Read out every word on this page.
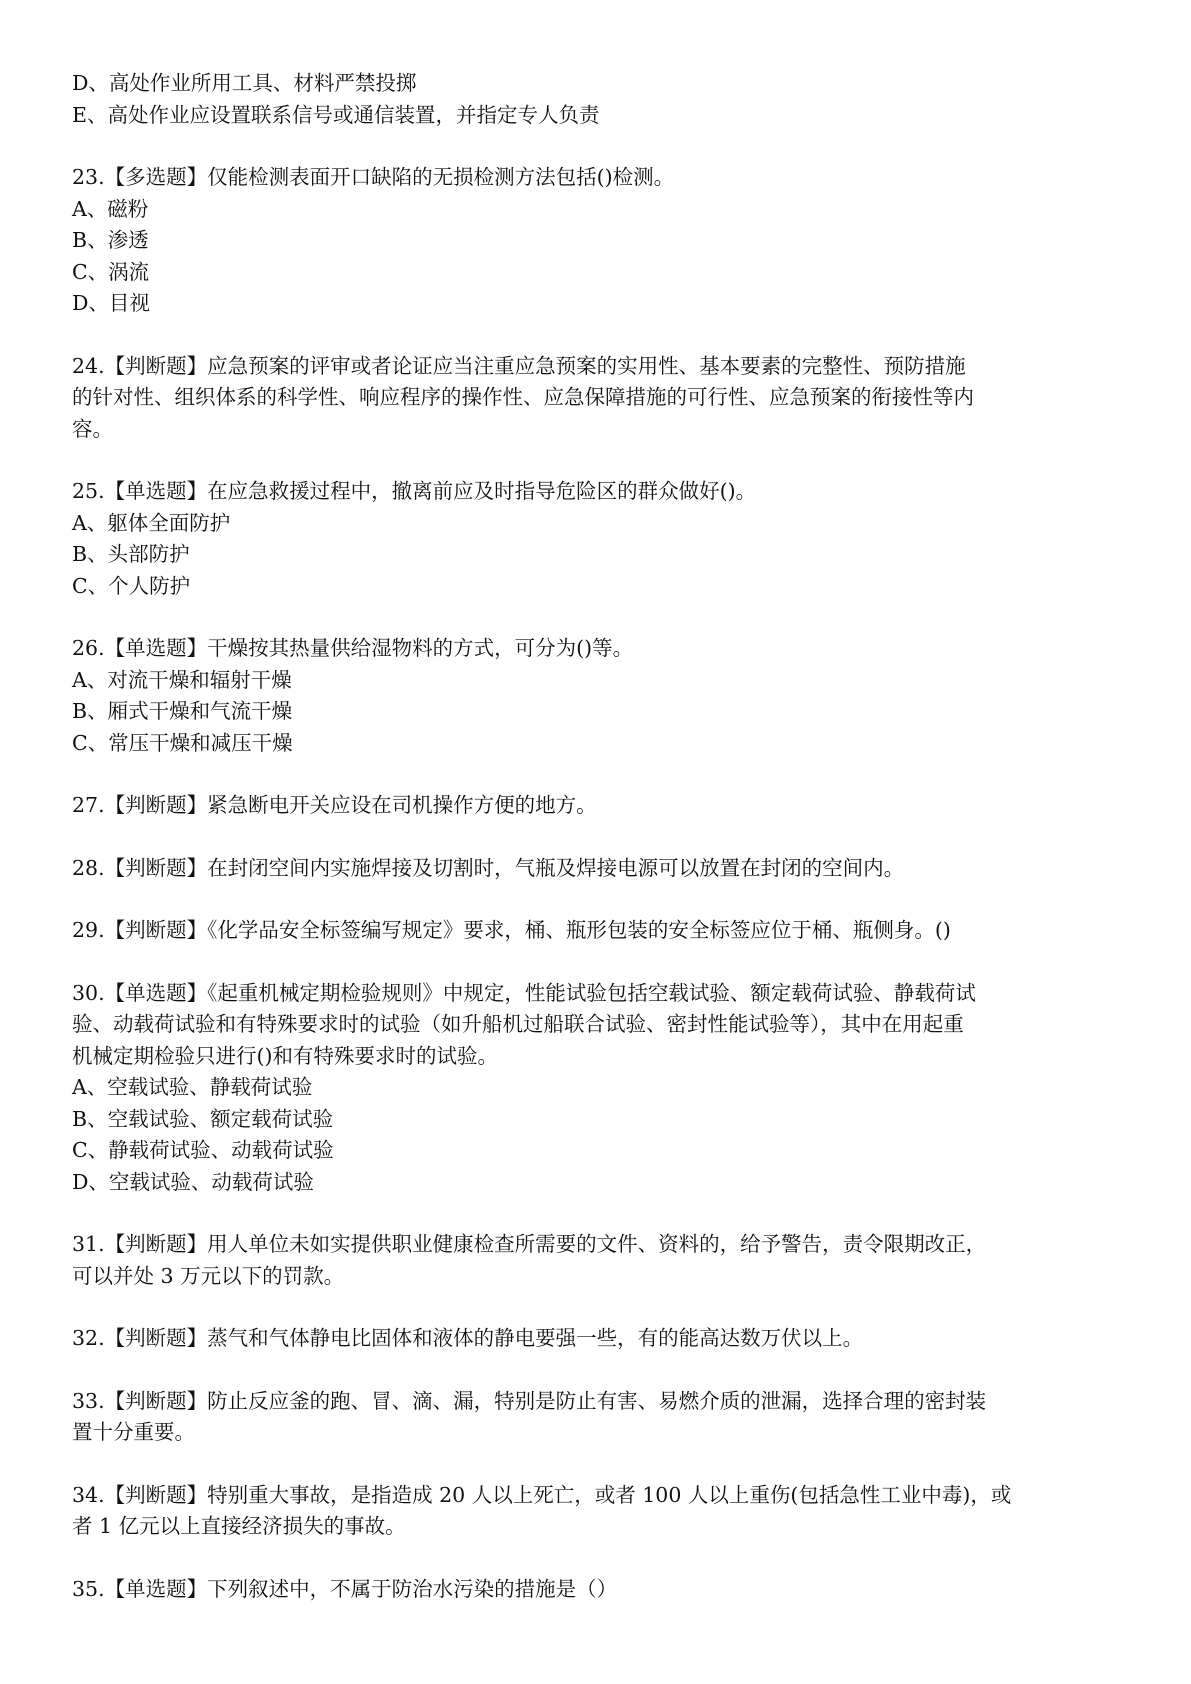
D、高处作业所用工具、材料严禁投掷
E、高处作业应设置联系信号或通信装置，并指定专人负责
23.【多选题】仅能检测表面开口缺陷的无损检测方法包括()检测。
A、磁粉
B、渗透
C、涡流
D、目视
24.【判断题】应急预案的评审或者论证应当注重应急预案的实用性、基本要素的完整性、预防措施
的针对性、组织体系的科学性、响应程序的操作性、应急保障措施的可行性、应急预案的衔接性等内
容。
25.【单选题】在应急救援过程中，撤离前应及时指导危险区的群众做好()。
A、躯体全面防护
B、头部防护
C、个人防护
26.【单选题】干燥按其热量供给湿物料的方式，可分为()等。
A、对流干燥和辐射干燥
B、厢式干燥和气流干燥
C、常压干燥和减压干燥
27.【判断题】紧急断电开关应设在司机操作方便的地方。
28.【判断题】在封闭空间内实施焊接及切割时，气瓶及焊接电源可以放置在封闭的空间内。
29.【判断题】《化学品安全标签编写规定》要求，桶、瓶形包装的安全标签应位于桶、瓶侧身。()
30.【单选题】《起重机械定期检验规则》中规定，性能试验包括空载试验、额定载荷试验、静载荷试
验、动载荷试验和有特殊要求时的试验（如升船机过船联合试验、密封性能试验等），其中在用起重
机械定期检验只进行()和有特殊要求时的试验。
A、空载试验、静载荷试验
B、空载试验、额定载荷试验
C、静载荷试验、动载荷试验
D、空载试验、动载荷试验
31.【判断题】用人单位未如实提供职业健康检查所需要的文件、资料的，给予警告，责令限期改正，
可以并处 3 万元以下的罚款。
32.【判断题】蒸气和气体静电比固体和液体的静电要强一些，有的能高达数万伏以上。
33.【判断题】防止反应釜的跑、冒、滴、漏，特别是防止有害、易燃介质的泄漏，选择合理的密封装
置十分重要。
34.【判断题】特别重大事故，是指造成 20 人以上死亡，或者 100 人以上重伤(包括急性工业中毒)，或
者 1 亿元以上直接经济损失的事故。
35.【单选题】下列叙述中，不属于防治水污染的措施是（）
